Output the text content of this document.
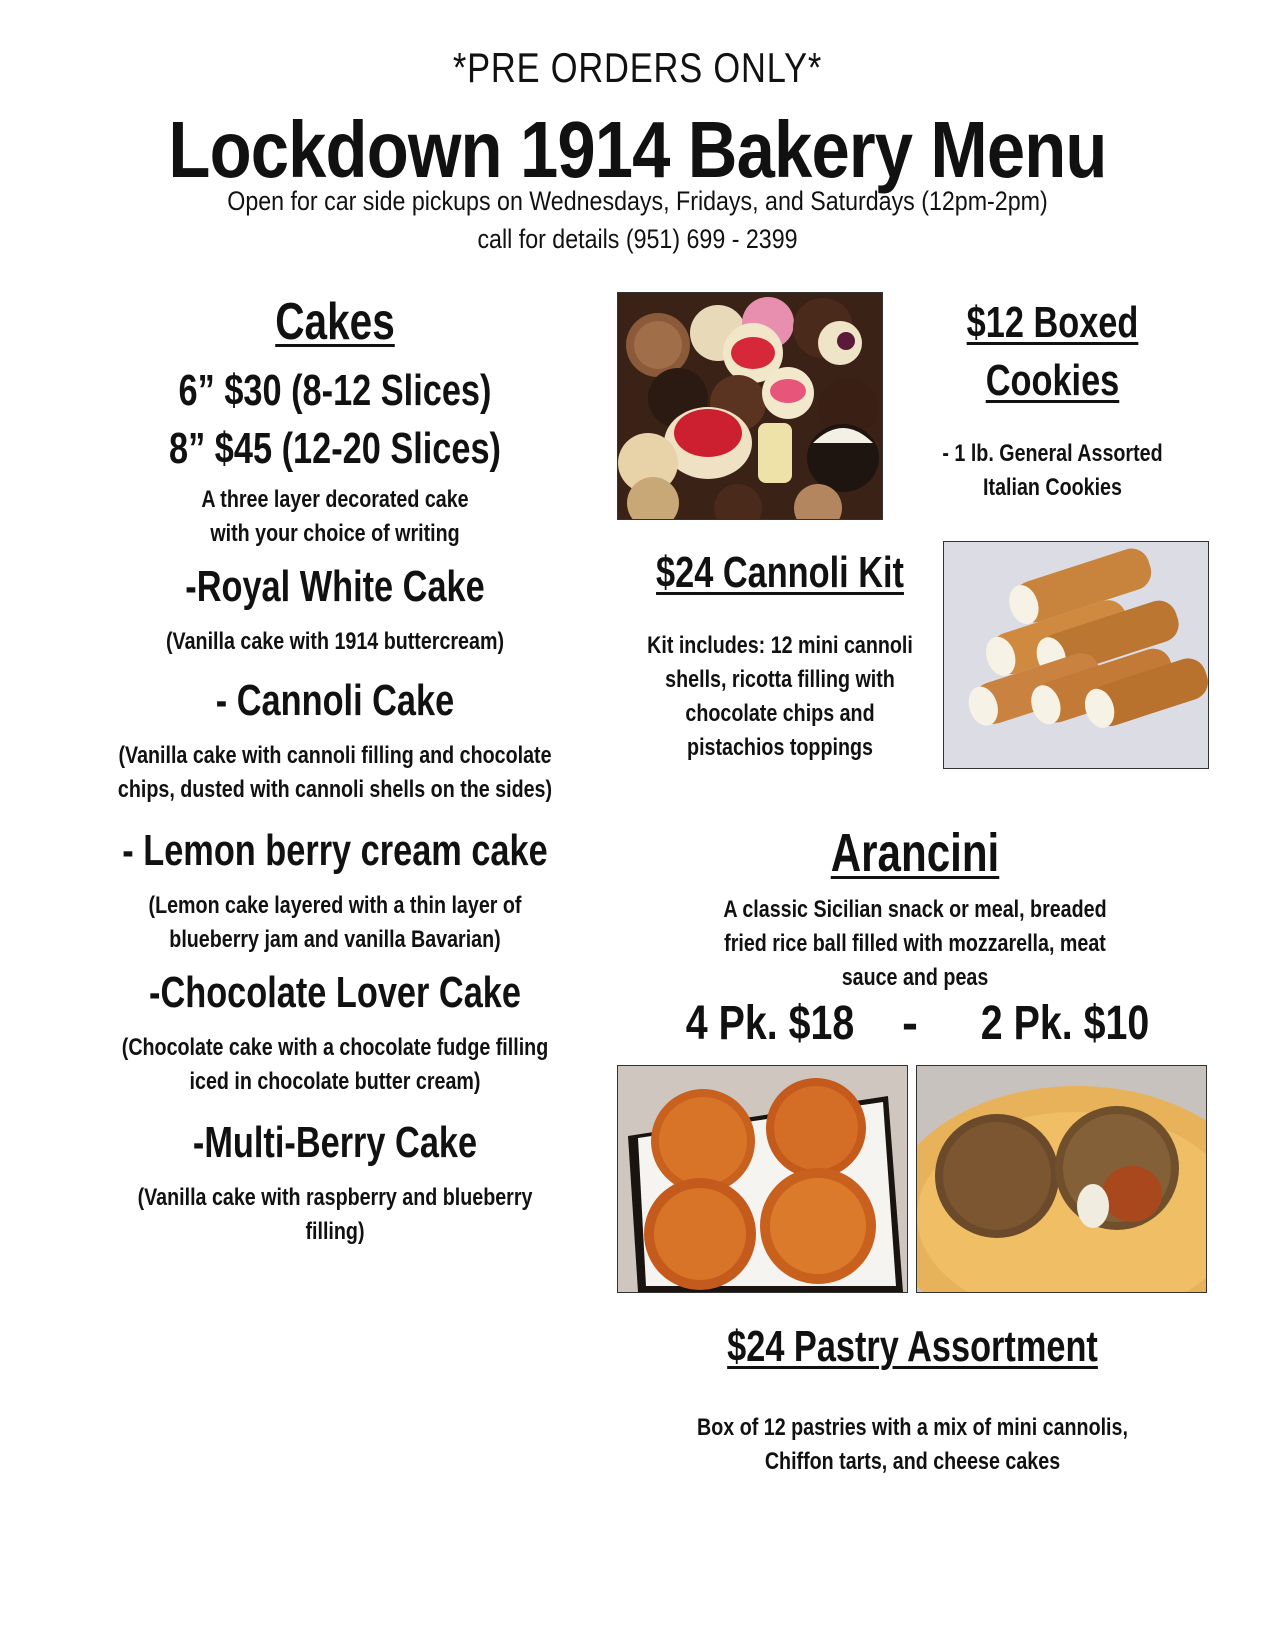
*PRE ORDERS ONLY*
Lockdown 1914 Bakery Menu
Open for car side pickups on Wednesdays, Fridays, and Saturdays (12pm-2pm)
call for details (951) 699 - 2399
Cakes
6” $30 (8-12 Slices)
8” $45 (12-20 Slices)
A three layer decorated cake
with your choice of writing
-Royal White Cake
(Vanilla cake with 1914 buttercream)
- Cannoli Cake
(Vanilla cake with cannoli filling and chocolate
chips, dusted with cannoli shells on the sides)
- Lemon berry cream cake
(Lemon cake layered with a thin layer of
blueberry jam and vanilla Bavarian)
-Chocolate Lover Cake
(Chocolate cake with a chocolate fudge filling
iced in chocolate butter cream)
-Multi-Berry Cake
(Vanilla cake with raspberry and blueberry
filling)
$12 Boxed
Cookies
- 1 lb. General Assorted
Italian Cookies
$24 Cannoli Kit
Kit includes: 12 mini cannoli
shells, ricotta filling with
chocolate chips and
pistachios toppings
Arancini
A classic Sicilian snack or meal, breaded
fried rice ball filled with mozzarella, meat
sauce and peas
4 Pk. $18 -	2 Pk. $10
$24 Pastry Assortment
Box of 12 pastries with a mix of mini cannolis,
Chiffon tarts, and cheese cakes
